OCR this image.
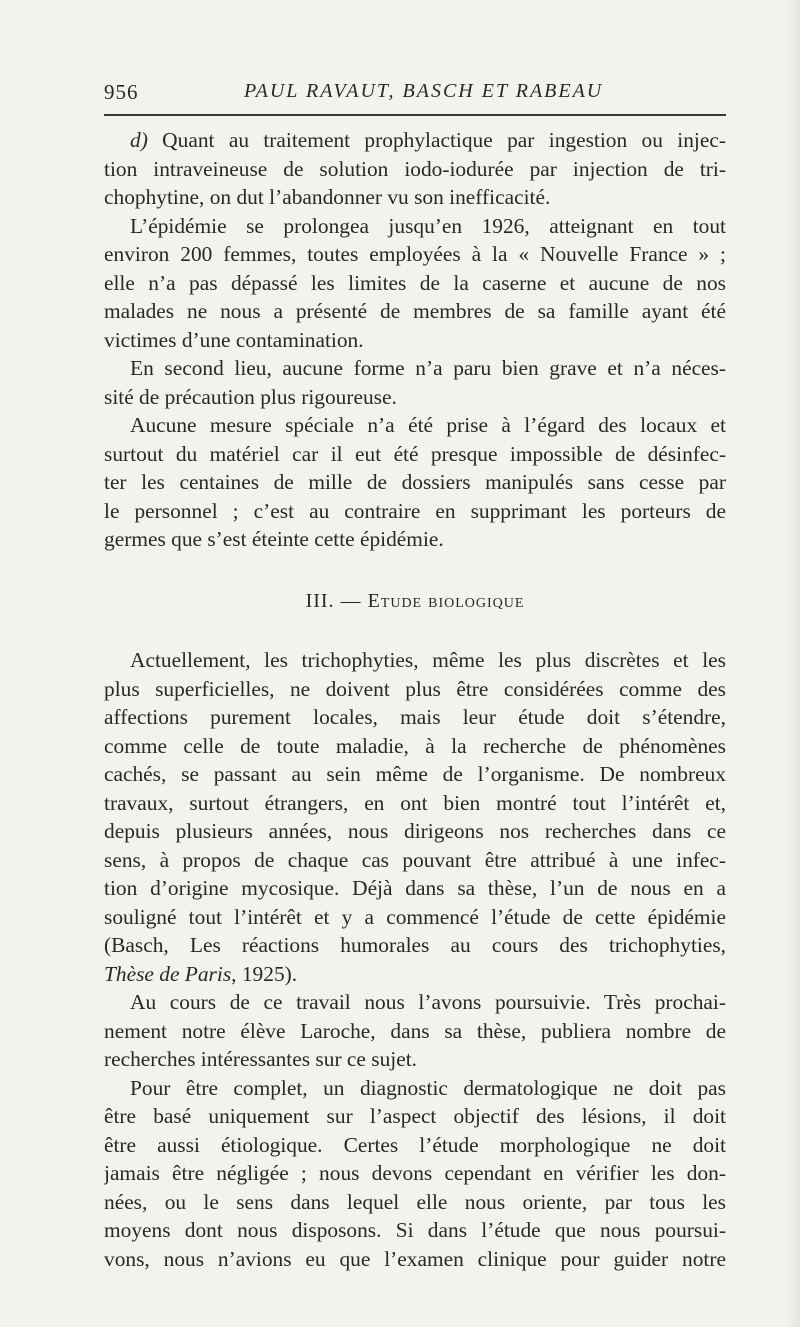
956	PAUL RAVAUT, BASCH ET RABEAU
d) Quant au traitement prophylactique par ingestion ou injec-
tion intraveineuse de solution iodo-iodurée par injection de tri-
chophytine, on dut l’abandonner vu son inefficacité.
L’épidémie se prolongea jusqu’en 1926, atteignant en tout
environ 200 femmes, toutes employées à la « Nouvelle France » ;
elle n’a pas dépassé les limites de la caserne et aucune de nos
malades ne nous a présenté de membres de sa famille ayant été
victimes d’une contamination.
En second lieu, aucune forme n’a paru bien grave et n’a néces-
sité de précaution plus rigoureuse.
Aucune mesure spéciale n’a été prise à l’égard des locaux et
surtout du matériel car il eut été presque impossible de désinfec-
ter les centaines de mille de dossiers manipulés sans cesse par
le personnel ; c’est au contraire en supprimant les porteurs de
germes que s’est éteinte cette épidémie.
III. — Etude biologique
Actuellement, les trichophyties, même les plus discrètes et les
plus superficielles, ne doivent plus être considérées comme des
affections purement locales, mais leur étude doit s’étendre,
comme celle de toute maladie, à la recherche de phénomènes
cachés, se passant au sein même de l’organisme. De nombreux
travaux, surtout étrangers, en ont bien montré tout l’intérêt et,
depuis plusieurs années, nous dirigeons nos recherches dans ce
sens, à propos de chaque cas pouvant être attribué à une infec-
tion d’origine mycosique. Déjà dans sa thèse, l’un de nous en a
souligné tout l’intérêt et y a commencé l’étude de cette épidémie
(Basch, Les réactions humorales au cours des trichophyties,
Thèse de Paris, 1925).
Au cours de ce travail nous l’avons poursuivie. Très prochai-
nement notre élève Laroche, dans sa thèse, publiera nombre de
recherches intéressantes sur ce sujet.
Pour être complet, un diagnostic dermatologique ne doit pas
être basé uniquement sur l’aspect objectif des lésions, il doit
être aussi étiologique. Certes l’étude morphologique ne doit
jamais être négligée ; nous devons cependant en vérifier les don-
nées, ou le sens dans lequel elle nous oriente, par tous les
moyens dont nous disposons. Si dans l’étude que nous poursui-
vons, nous n’avions eu que l’examen clinique pour guider notre
